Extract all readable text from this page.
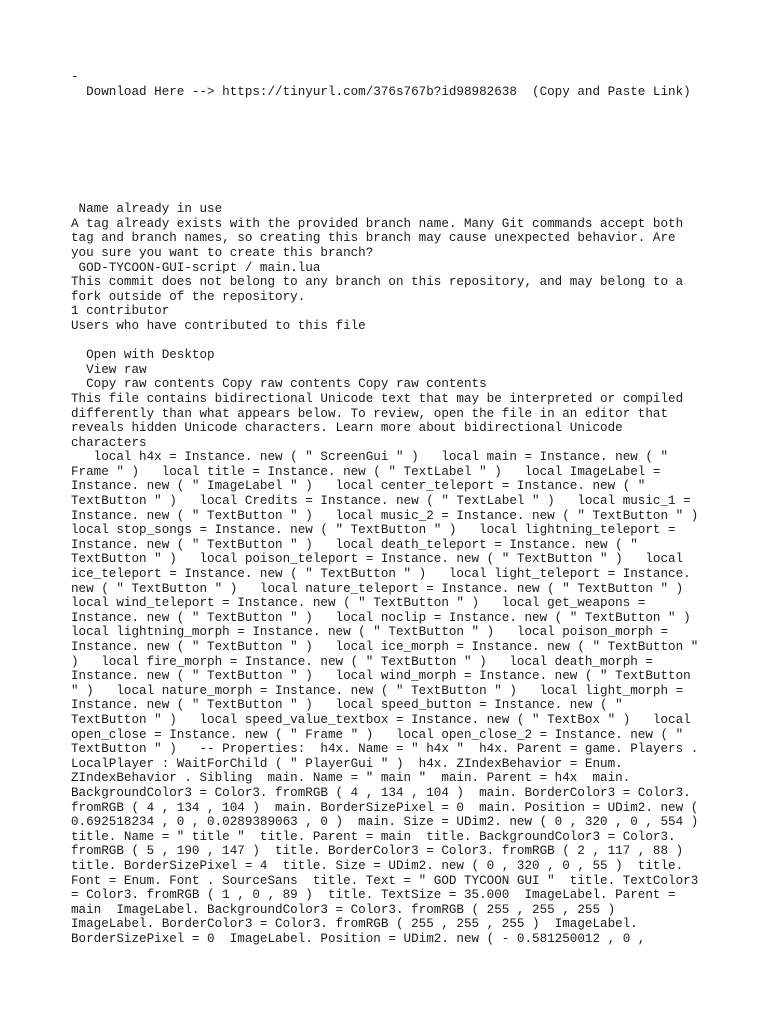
-
Download Here --> https://tinyurl.com/376s767b?id98982638  (Copy and Paste Link)
Name already in use
A tag already exists with the provided branch name. Many Git commands accept both
tag and branch names, so creating this branch may cause unexpected behavior. Are
you sure you want to create this branch?
GOD-TYCOON-GUI-script / main.lua
This commit does not belong to any branch on this repository, and may belong to a
fork outside of the repository.
1 contributor
Users who have contributed to this file
Open with Desktop
View raw
Copy raw contents Copy raw contents Copy raw contents
This file contains bidirectional Unicode text that may be interpreted or compiled
differently than what appears below. To review, open the file in an editor that
reveals hidden Unicode characters. Learn more about bidirectional Unicode
characters
local h4x = Instance. new ( " ScreenGui " )   local main = Instance. new ( "
Frame " )   local title = Instance. new ( " TextLabel " )   local ImageLabel =
Instance. new ( " ImageLabel " )   local center_teleport = Instance. new ( "
TextButton " )   local Credits = Instance. new ( " TextLabel " )   local music_1 =
Instance. new ( " TextButton " )   local music_2 = Instance. new ( " TextButton " )
local stop_songs = Instance. new ( " TextButton " )   local lightning_teleport =
Instance. new ( " TextButton " )   local death_teleport = Instance. new ( "
TextButton " )   local poison_teleport = Instance. new ( " TextButton " )   local
ice_teleport = Instance. new ( " TextButton " )   local light_teleport = Instance.
new ( " TextButton " )   local nature_teleport = Instance. new ( " TextButton " )
local wind_teleport = Instance. new ( " TextButton " )   local get_weapons =
Instance. new ( " TextButton " )   local noclip = Instance. new ( " TextButton " )
local lightning_morph = Instance. new ( " TextButton " )   local poison_morph =
Instance. new ( " TextButton " )   local ice_morph = Instance. new ( " TextButton "
)   local fire_morph = Instance. new ( " TextButton " )   local death_morph =
Instance. new ( " TextButton " )   local wind_morph = Instance. new ( " TextButton
" )   local nature_morph = Instance. new ( " TextButton " )   local light_morph =
Instance. new ( " TextButton " )   local speed_button = Instance. new ( "
TextButton " )   local speed_value_textbox = Instance. new ( " TextBox " )   local
open_close = Instance. new ( " Frame " )   local open_close_2 = Instance. new ( "
TextButton " )   -- Properties:  h4x. Name = " h4x "  h4x. Parent = game. Players .
LocalPlayer : WaitForChild ( " PlayerGui " )  h4x. ZIndexBehavior = Enum.
ZIndexBehavior . Sibling  main. Name = " main "  main. Parent = h4x  main.
BackgroundColor3 = Color3. fromRGB ( 4 , 134 , 104 )  main. BorderColor3 = Color3.
fromRGB ( 4 , 134 , 104 )  main. BorderSizePixel = 0  main. Position = UDim2. new (
0.692518234 , 0 , 0.0289389063 , 0 )  main. Size = UDim2. new ( 0 , 320 , 0 , 554 )
title. Name = " title "  title. Parent = main  title. BackgroundColor3 = Color3.
fromRGB ( 5 , 190 , 147 )  title. BorderColor3 = Color3. fromRGB ( 2 , 117 , 88 )
title. BorderSizePixel = 4  title. Size = UDim2. new ( 0 , 320 , 0 , 55 )  title.
Font = Enum. Font . SourceSans  title. Text = " GOD TYCOON GUI "  title. TextColor3
= Color3. fromRGB ( 1 , 0 , 89 )  title. TextSize = 35.000  ImageLabel. Parent =
main  ImageLabel. BackgroundColor3 = Color3. fromRGB ( 255 , 255 , 255 )
ImageLabel. BorderColor3 = Color3. fromRGB ( 255 , 255 , 255 )  ImageLabel.
BorderSizePixel = 0  ImageLabel. Position = UDim2. new ( - 0.581250012 , 0 ,
